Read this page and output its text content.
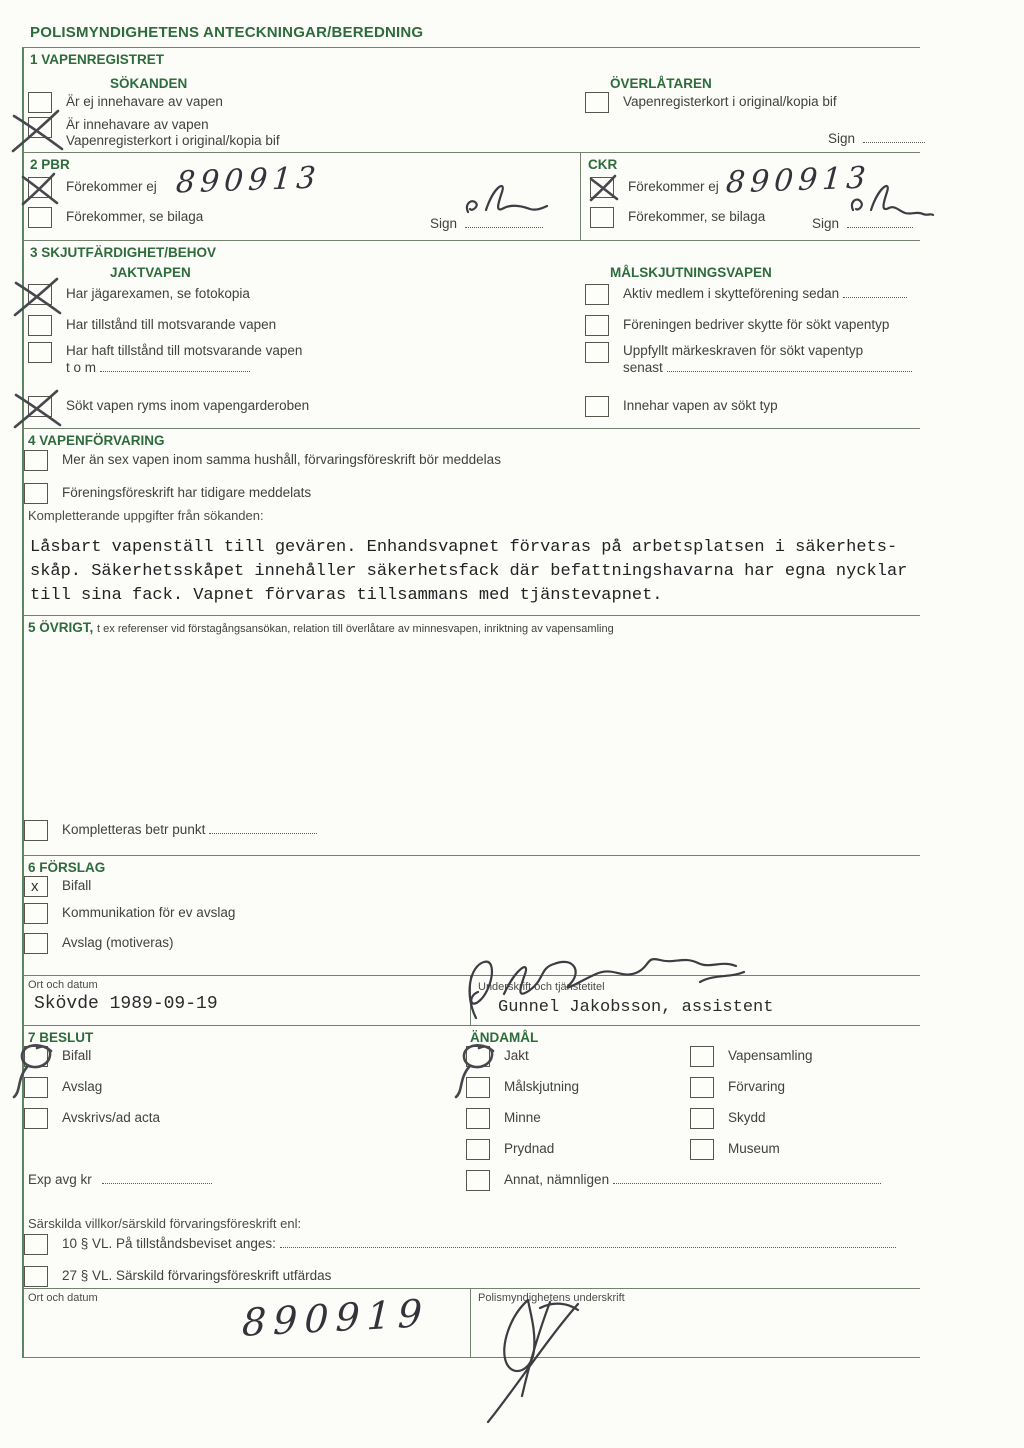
POLISMYNDIGHETENS ANTECKNINGAR/BEREDNING
1 VAPENREGISTRET
SÖKANDEN
Är ej innehavare av vapen
Är innehavare av vapen
Vapenregisterkort i original/kopia bif
ÖVERLÅTAREN
Vapenregisterkort i original/kopia bif
Sign
2 PBR
Förekommer ej 890913
Förekommer, se bilaga	Sign
CKR
Förekommer ej 890913
Förekommer, se bilaga	Sign
3 SKJUTFÄRDIGHET/BEHOV
JAKTVAPEN
Har jägarexamen, se fotokopia
Har tillstånd till motsvarande vapen
Har haft tillstånd till motsvarande vapen
t o m
Sökt vapen ryms inom vapengarderoben
MÅLSKJUTNINGSVAPEN
Aktiv medlem i skytteförening sedan
Föreningen bedriver skytte för sökt vapentyp
Uppfyllt märkeskraven för sökt vapentyp
senast
Innehar vapen av sökt typ
4 VAPENFÖRVARING
Mer än sex vapen inom samma hushåll, förvaringsföreskrift bör meddelas
Föreningsföreskrift har tidigare meddelats
Kompletterande uppgifter från sökanden:
Låsbart vapenställ till gevären. Enhandsvapnet förvaras på arbetsplatsen i säkerhets-
skåp. Säkerhetsskåpet innehåller säkerhetsfack där befattningshavarna har egna nycklar
till sina fack. Vapnet förvaras tillsammans med tjänstevapnet.
5 ÖVRIGT, t ex referenser vid förstagångsansökan, relation till överlåtare av minnesvapen, inriktning av vapensamling
Kompletteras betr punkt
6 FÖRSLAG
x Bifall
Kommunikation för ev avslag
Avslag (motiveras)
Ort och datum
Skövde 1989-09-19
Underskrift och tjänstetitel
Gunnel Jakobsson, assistent
7 BESLUT
Bifall
Avslag
Avskrivs/ad acta
Exp avg kr
ÄNDAMÅL
Jakt
Målskjutning
Minne
Prydnad
Annat, nämnligen
Vapensamling
Förvaring
Skydd
Museum
Särskilda villkor/särskild förvaringsföreskrift enl:
10 § VL. På tillståndsbeviset anges:
27 § VL. Särskild förvaringsföreskrift utfärdas
Ort och datum	890919	Polismyndighetens underskrift
